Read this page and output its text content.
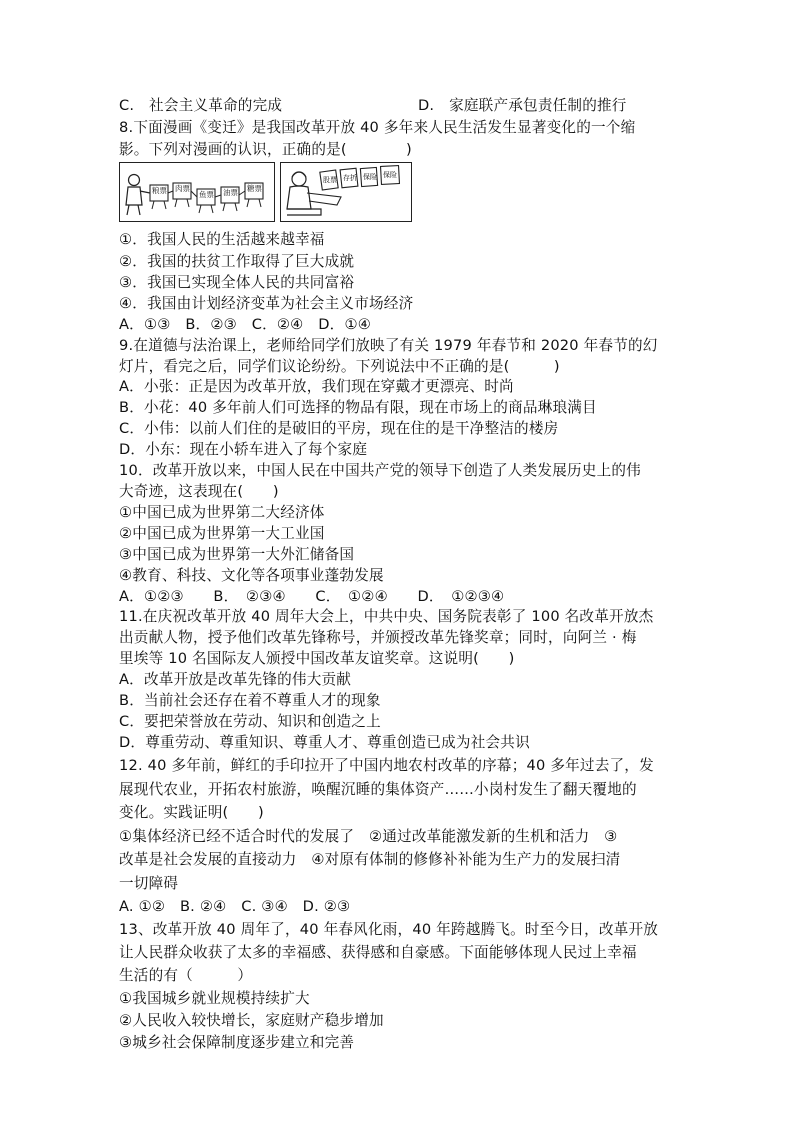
C.　社会主义革命的完成	D.　家庭联产承包责任制的推行
8.下面漫画《变迁》是我国改革开放 40 多年来人民生活发生显著变化的一个缩
影。下列对漫画的认识，正确的是(　　　　)
粮票 肉票
鱼票 油票 糖票
股票 存折 保险 保险
①．我国人民的生活越来越幸福
②．我国的扶贫工作取得了巨大成就
③．我国已实现全体人民的共同富裕
④．我国由计划经济变革为社会主义市场经济
A．①③　B．②③　C．②④　D．①④
9.在道德与法治课上，老师给同学们放映了有关 1979 年春节和 2020 年春节的幻
灯片，看完之后，同学们议论纷纷。下列说法中不正确的是(　　　)
A．小张：正是因为改革开放，我们现在穿戴才更漂亮、时尚
B．小花：40 多年前人们可选择的物品有限，现在市场上的商品琳琅满目
C．小伟：以前人们住的是破旧的平房，现在住的是干净整洁的楼房
D．小东：现在小轿车进入了每个家庭
10．改革开放以来，中国人民在中国共产党的领导下创造了人类发展历史上的伟
大奇迹，这表现在(　　)
①中国已成为世界第二大经济体
②中国已成为世界第一大工业国
③中国已成为世界第一大外汇储备国
④教育、科技、文化等各项事业蓬勃发展
A．①②③　　B．　②③④　　C．　①②④　　D．　①②③④
11.在庆祝改革开放 40 周年大会上，中共中央、国务院表彰了 100 名改革开放杰
出贡献人物，授予他们改革先锋称号，并颁授改革先锋奖章；同时，向阿兰 · 梅
里埃等 10 名国际友人颁授中国改革友谊奖章。这说明(　　)
A．改革开放是改革先锋的伟大贡献
B．当前社会还存在着不尊重人才的现象
C．要把荣誉放在劳动、知识和创造之上
D．尊重劳动、尊重知识、尊重人才、尊重创造已成为社会共识
12. 40 多年前，鲜红的手印拉开了中国内地农村改革的序幕；40 多年过去了，发
展现代农业，开拓农村旅游，唤醒沉睡的集体资产……小岗村发生了翻天覆地的
变化。实践证明(　　)
①集体经济已经不适合时代的发展了　②通过改革能激发新的生机和活力　③
改革是社会发展的直接动力　④对原有体制的修修补补能为生产力的发展扫清
一切障碍
A. ①②　B. ②④　C. ③④　D. ②③
13、改革开放 40 周年了，40 年春风化雨，40 年跨越腾飞。时至今日，改革开放
让人民群众收获了太多的幸福感、获得感和自豪感。下面能够体现人民过上幸福
生活的有（　　　）
①我国城乡就业规模持续扩大
②人民收入较快增长，家庭财产稳步增加
③城乡社会保障制度逐步建立和完善
